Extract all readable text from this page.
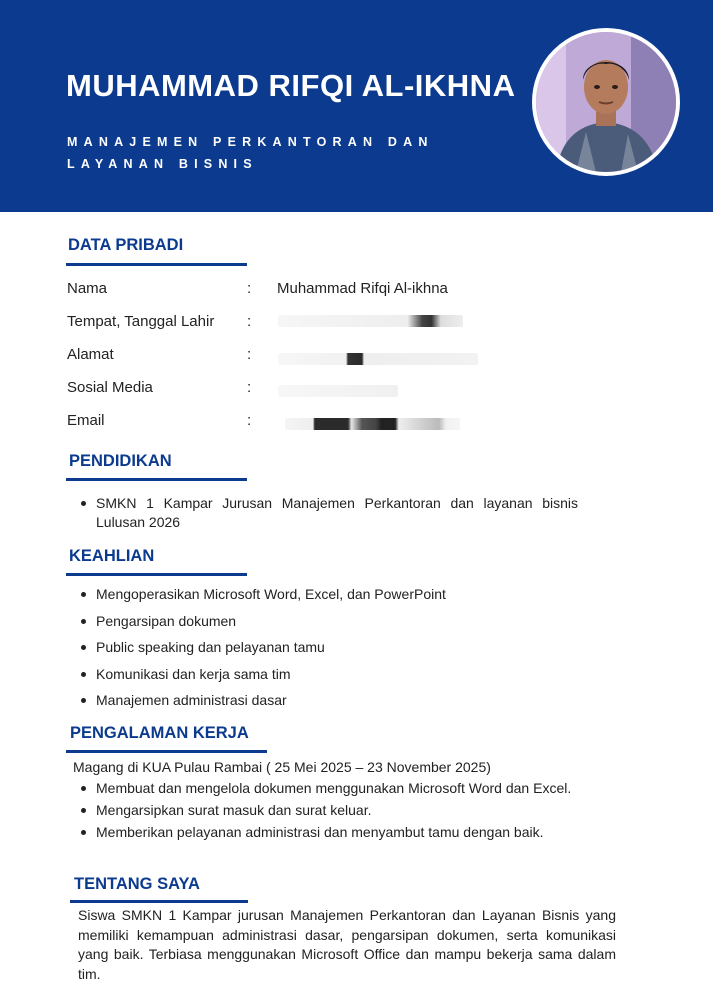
MUHAMMAD RIFQI AL-IKHNA
MANAJEMEN PERKANTORAN DAN
LAYANAN BISNIS
DATA PRIBADI
Nama	: Muhammad Rifqi Al-ikhna
Tempat, Tanggal Lahir :
Alamat	:
Sosial Media	:
Email	:
PENDIDIKAN
SMKN 1 Kampar Jurusan Manajemen Perkantoran dan layanan bisnis
Lulusan 2026
KEAHLIAN
Mengoperasikan Microsoft Word, Excel, dan PowerPoint
Pengarsipan dokumen
Public speaking dan pelayanan tamu
Komunikasi dan kerja sama tim
Manajemen administrasi dasar
PENGALAMAN KERJA
Magang di KUA Pulau Rambai ( 25 Mei 2025 – 23 November 2025)
Membuat dan mengelola dokumen menggunakan Microsoft Word dan Excel.
Mengarsipkan surat masuk dan surat keluar.
Memberikan pelayanan administrasi dan menyambut tamu dengan baik.
TENTANG SAYA
Siswa SMKN 1 Kampar jurusan Manajemen Perkantoran dan Layanan Bisnis yang memiliki kemampuan administrasi dasar, pengarsipan dokumen, serta komunikasi yang baik. Terbiasa menggunakan Microsoft Office dan mampu bekerja sama dalam tim.
